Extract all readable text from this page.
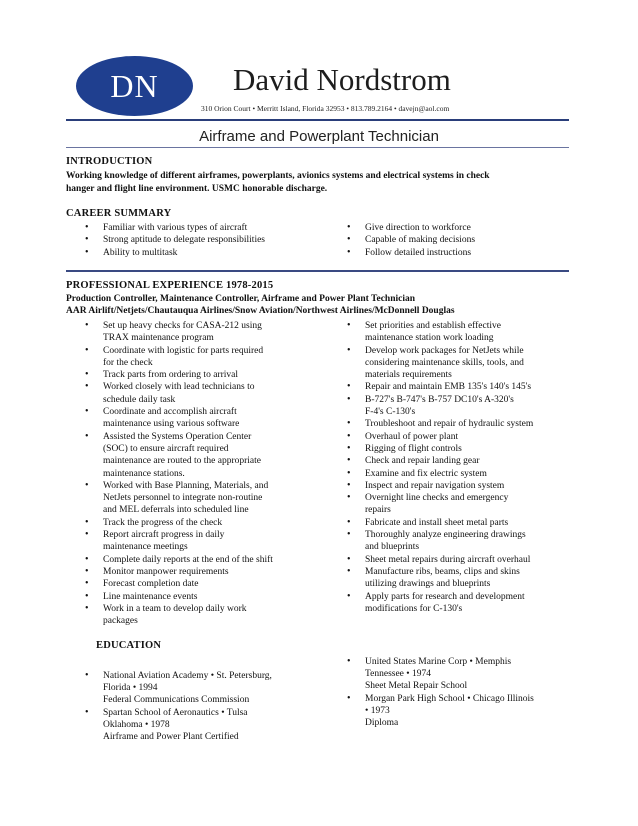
DN	David Nordstrom
310 Orion Court • Merritt Island, Florida 32953 • 813.789.2164 • davejn@aol.com
Airframe and Powerplant Technician
INTRODUCTION
Working knowledge of different airframes, powerplants, avionics systems and electrical systems in check
hanger and flight line environment. USMC honorable discharge.
CAREER SUMMARY
• Familiar with various types of aircraft
• Strong aptitude to delegate responsibilities
• Ability to multitask
• Give direction to workforce
• Capable of making decisions
• Follow detailed instructions
PROFESSIONAL EXPERIENCE 1978-2015
Production Controller, Maintenance Controller, Airframe and Power Plant Technician
AAR Airlift/Netjets/Chautauqua Airlines/Snow Aviation/Northwest Airlines/McDonnell Douglas
• Set up heavy checks for CASA-212 using
TRAX maintenance program
• Coordinate with logistic for parts required
for the check
• Track parts from ordering to arrival
• Worked closely with lead technicians to
schedule daily task
• Coordinate and accomplish aircraft
maintenance using various software
• Assisted the Systems Operation Center
(SOC) to ensure aircraft required
maintenance are routed to the appropriate
maintenance stations.
• Worked with Base Planning, Materials, and
NetJets personnel to integrate non-routine
and MEL deferrals into scheduled line
• Track the progress of the check
• Report aircraft progress in daily
maintenance meetings
• Complete daily reports at the end of the shift
• Monitor manpower requirements
• Forecast completion date
• Line maintenance events
• Work in a team to develop daily work
packages
• Set priorities and establish effective
maintenance station work loading
• Develop work packages for NetJets while
considering maintenance skills, tools, and
materials requirements
• Repair and maintain EMB 135's 140's 145's
• B-727's B-747's B-757 DC10's A-320's
F-4's C-130's
• Troubleshoot and repair of hydraulic system
• Overhaul of power plant
• Rigging of flight controls
• Check and repair landing gear
• Examine and fix electric system
• Inspect and repair navigation system
• Overnight line checks and emergency
repairs
• Fabricate and install sheet metal parts
• Thoroughly analyze engineering drawings
and blueprints
• Sheet metal repairs during aircraft overhaul
• Manufacture ribs, beams, clips and skins
utilizing drawings and blueprints
• Apply parts for research and development
modifications for C-130's
EDUCATION
• National Aviation Academy • St. Petersburg,
Florida • 1994
Federal Communications Commission
• Spartan School of Aeronautics • Tulsa
Oklahoma • 1978
Airframe and Power Plant Certified
• United States Marine Corp • Memphis
Tennessee • 1974
Sheet Metal Repair School
• Morgan Park High School • Chicago Illinois
• 1973
Diploma
